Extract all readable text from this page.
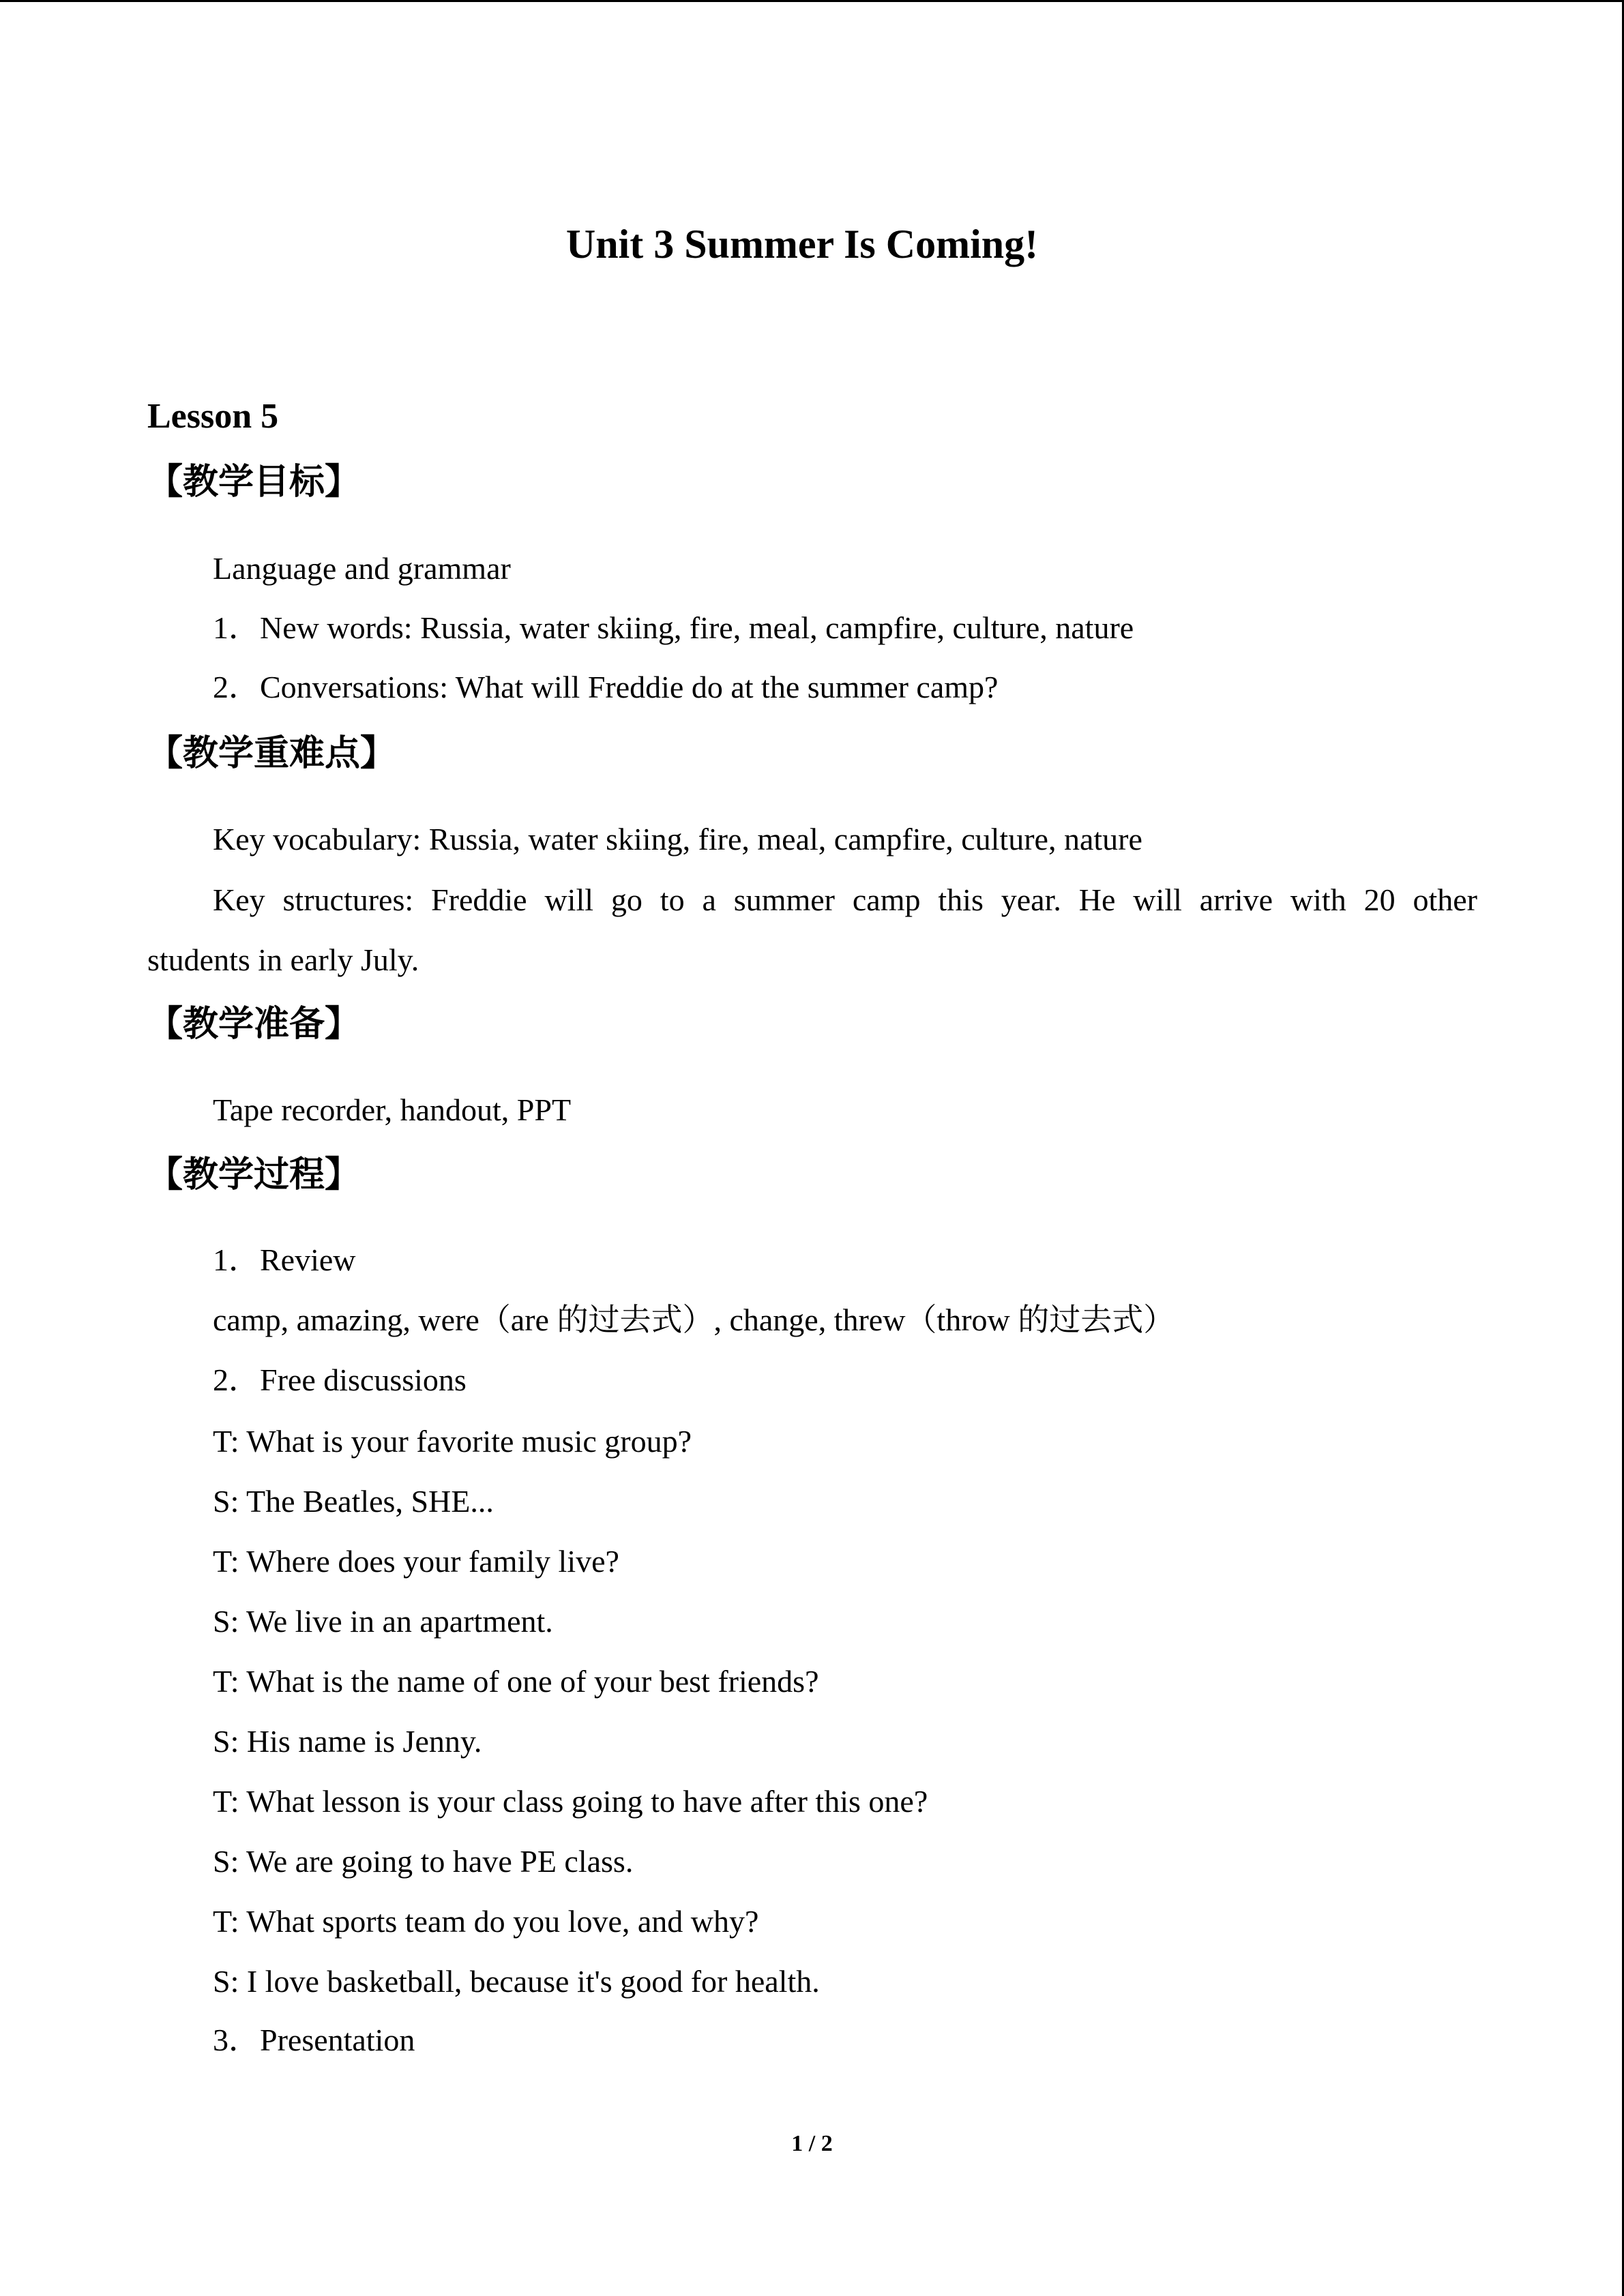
Unit 3 Summer Is Coming!
Lesson 5
【教学目标】

Language and grammar

1．New words: Russia, water skiing, fire, meal, campfire, culture, nature

2．Conversations: What will Freddie do at the summer camp?

【教学重难点】

Key vocabulary: Russia, water skiing, fire, meal, campfire, culture, nature

Key structures: Freddie will go to a summer camp this year. He will arrive with 20 other

students in early July.

【教学准备】

Tape recorder, handout, PPT

【教学过程】

1．Review

camp, amazing, were（are 的过去式）, change, threw（throw 的过去式）

2．Free discussions

T: What is your favorite music group?

S: The Beatles, SHE...

T: Where does your family live?

S: We live in an apartment.

T: What is the name of one of your best friends?

S: His name is Jenny.

T: What lesson is your class going to have after this one?

S: We are going to have PE class.

T: What sports team do you love, and why?

S: I love basketball, because it's good for health.

3．Presentation

1 / 2
